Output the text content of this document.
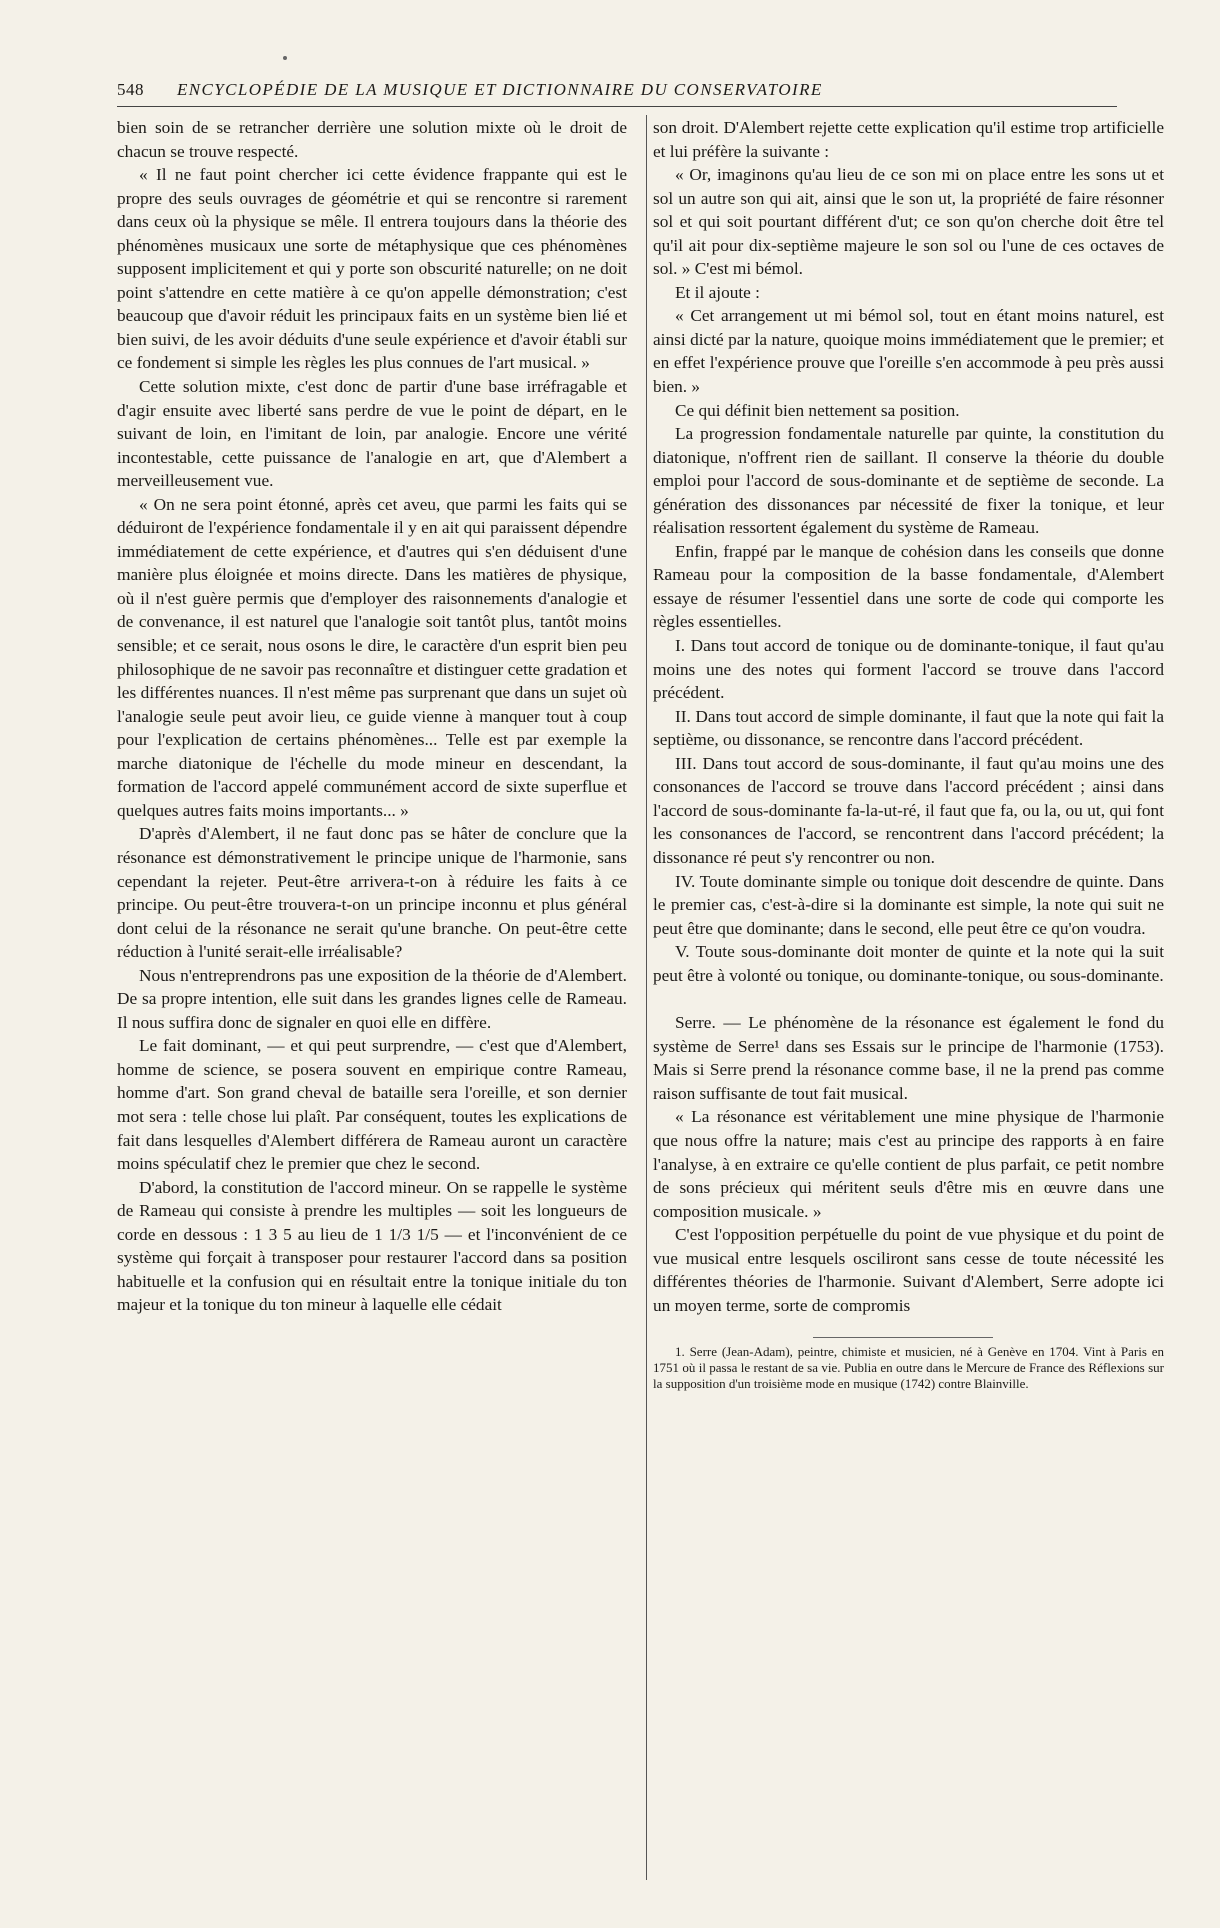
548	ENCYCLOPÉDIE DE LA MUSIQUE ET DICTIONNAIRE DU CONSERVATOIRE

bien soin de se retrancher derrière une solution mixte où le droit de chacun se trouve respecté.

« Il ne faut point chercher ici cette évidence frappante qui est le propre des seuls ouvrages de géométrie et qui se rencontre si rarement dans ceux où la physique se mêle. Il entrera toujours dans la théorie des phénomènes musicaux une sorte de métaphysique que ces phénomènes supposent implicitement et qui y porte son obscurité naturelle; on ne doit point s'attendre en cette matière à ce qu'on appelle démonstration; c'est beaucoup que d'avoir réduit les principaux faits en un système bien lié et bien suivi, de les avoir déduits d'une seule expérience et d'avoir établi sur ce fondement si simple les règles les plus connues de l'art musical. »

Cette solution mixte, c'est donc de partir d'une base irréfragable et d'agir ensuite avec liberté sans perdre de vue le point de départ, en le suivant de loin, en l'imitant de loin, par analogie. Encore une vérité incontestable, cette puissance de l'analogie en art, que d'Alembert a merveilleusement vue.

« On ne sera point étonné, après cet aveu, que parmi les faits qui se déduiront de l'expérience fondamentale il y en ait qui paraissent dépendre immédiatement de cette expérience, et d'autres qui s'en déduisent d'une manière plus éloignée et moins directe. Dans les matières de physique, où il n'est guère permis que d'employer des raisonnements d'analogie et de convenance, il est naturel que l'analogie soit tantôt plus, tantôt moins sensible; et ce serait, nous osons le dire, le caractère d'un esprit bien peu philosophique de ne savoir pas reconnaître et distinguer cette gradation et les différentes nuances. Il n'est même pas surprenant que dans un sujet où l'analogie seule peut avoir lieu, ce guide vienne à manquer tout à coup pour l'explication de certains phénomènes... Telle est par exemple la marche diatonique de l'échelle du mode mineur en descendant, la formation de l'accord appelé communément accord de sixte superflue et quelques autres faits moins importants... »

D'après d'Alembert, il ne faut donc pas se hâter de conclure que la résonance est démonstrativement le principe unique de l'harmonie, sans cependant la rejeter. Peut-être arrivera-t-on à réduire les faits à ce principe. Ou peut-être trouvera-t-on un principe inconnu et plus général dont celui de la résonance ne serait qu'une branche. On peut-être cette réduction à l'unité serait-elle irréalisable?

Nous n'entreprendrons pas une exposition de la théorie de d'Alembert. De sa propre intention, elle suit dans les grandes lignes celle de Rameau. Il nous suffira donc de signaler en quoi elle en diffère.

Le fait dominant, — et qui peut surprendre, — c'est que d'Alembert, homme de science, se posera souvent en empirique contre Rameau, homme d'art. Son grand cheval de bataille sera l'oreille, et son dernier mot sera : telle chose lui plaît. Par conséquent, toutes les explications de fait dans lesquelles d'Alembert différera de Rameau auront un caractère moins spéculatif chez le premier que chez le second.

D'abord, la constitution de l'accord mineur. On se rappelle le système de Rameau qui consiste à prendre les multiples — soit les longueurs de corde en dessous : 1 3 5 au lieu de 1 1/3 1/5 — et l'inconvénient de ce système qui forçait à transposer pour restaurer l'accord dans sa position habituelle et la confusion qui en résultait entre la tonique initiale du ton majeur et la tonique du ton mineur à laquelle elle cédait

son droit. D'Alembert rejette cette explication qu'il estime trop artificielle et lui préfère la suivante :

« Or, imaginons qu'au lieu de ce son mi on place entre les sons ut et sol un autre son qui ait, ainsi que le son ut, la propriété de faire résonner sol et qui soit pourtant différent d'ut; ce son qu'on cherche doit être tel qu'il ait pour dix-septième majeure le son sol ou l'une de ces octaves de sol. » C'est mi bémol.

Et il ajoute :

« Cet arrangement ut mi bémol sol, tout en étant moins naturel, est ainsi dicté par la nature, quoique moins immédiatement que le premier; et en effet l'expérience prouve que l'oreille s'en accommode à peu près aussi bien. »

Ce qui définit bien nettement sa position.

La progression fondamentale naturelle par quinte, la constitution du diatonique, n'offrent rien de saillant. Il conserve la théorie du double emploi pour l'accord de sous-dominante et de septième de seconde. La génération des dissonances par nécessité de fixer la tonique, et leur réalisation ressortent également du système de Rameau.

Enfin, frappé par le manque de cohésion dans les conseils que donne Rameau pour la composition de la basse fondamentale, d'Alembert essaye de résumer l'essentiel dans une sorte de code qui comporte les règles essentielles.

I. Dans tout accord de tonique ou de dominante-tonique, il faut qu'au moins une des notes qui forment l'accord se trouve dans l'accord précédent.

II. Dans tout accord de simple dominante, il faut que la note qui fait la septième, ou dissonance, se rencontre dans l'accord précédent.

III. Dans tout accord de sous-dominante, il faut qu'au moins une des consonances de l'accord se trouve dans l'accord précédent ; ainsi dans l'accord de sous-dominante fa-la-ut-ré, il faut que fa, ou la, ou ut, qui font les consonances de l'accord, se rencontrent dans l'accord précédent; la dissonance ré peut s'y rencontrer ou non.

IV. Toute dominante simple ou tonique doit descendre de quinte. Dans le premier cas, c'est-à-dire si la dominante est simple, la note qui suit ne peut être que dominante; dans le second, elle peut être ce qu'on voudra.

V. Toute sous-dominante doit monter de quinte et la note qui la suit peut être à volonté ou tonique, ou dominante-tonique, ou sous-dominante.

Serre. — Le phénomène de la résonance est également le fond du système de Serre¹ dans ses Essais sur le principe de l'harmonie (1753). Mais si Serre prend la résonance comme base, il ne la prend pas comme raison suffisante de tout fait musical.

« La résonance est véritablement une mine physique de l'harmonie que nous offre la nature; mais c'est au principe des rapports à en faire l'analyse, à en extraire ce qu'elle contient de plus parfait, ce petit nombre de sons précieux qui méritent seuls d'être mis en œuvre dans une composition musicale. »

C'est l'opposition perpétuelle du point de vue physique et du point de vue musical entre lesquels osciliront sans cesse de toute nécessité les différentes théories de l'harmonie. Suivant d'Alembert, Serre adopte ici un moyen terme, sorte de compromis

1. Serre (Jean-Adam), peintre, chimiste et musicien, né à Genève en 1704. Vint à Paris en 1751 où il passa le restant de sa vie. Publia en outre dans le Mercure de France des Réflexions sur la supposition d'un troisième mode en musique (1742) contre Blainville.
